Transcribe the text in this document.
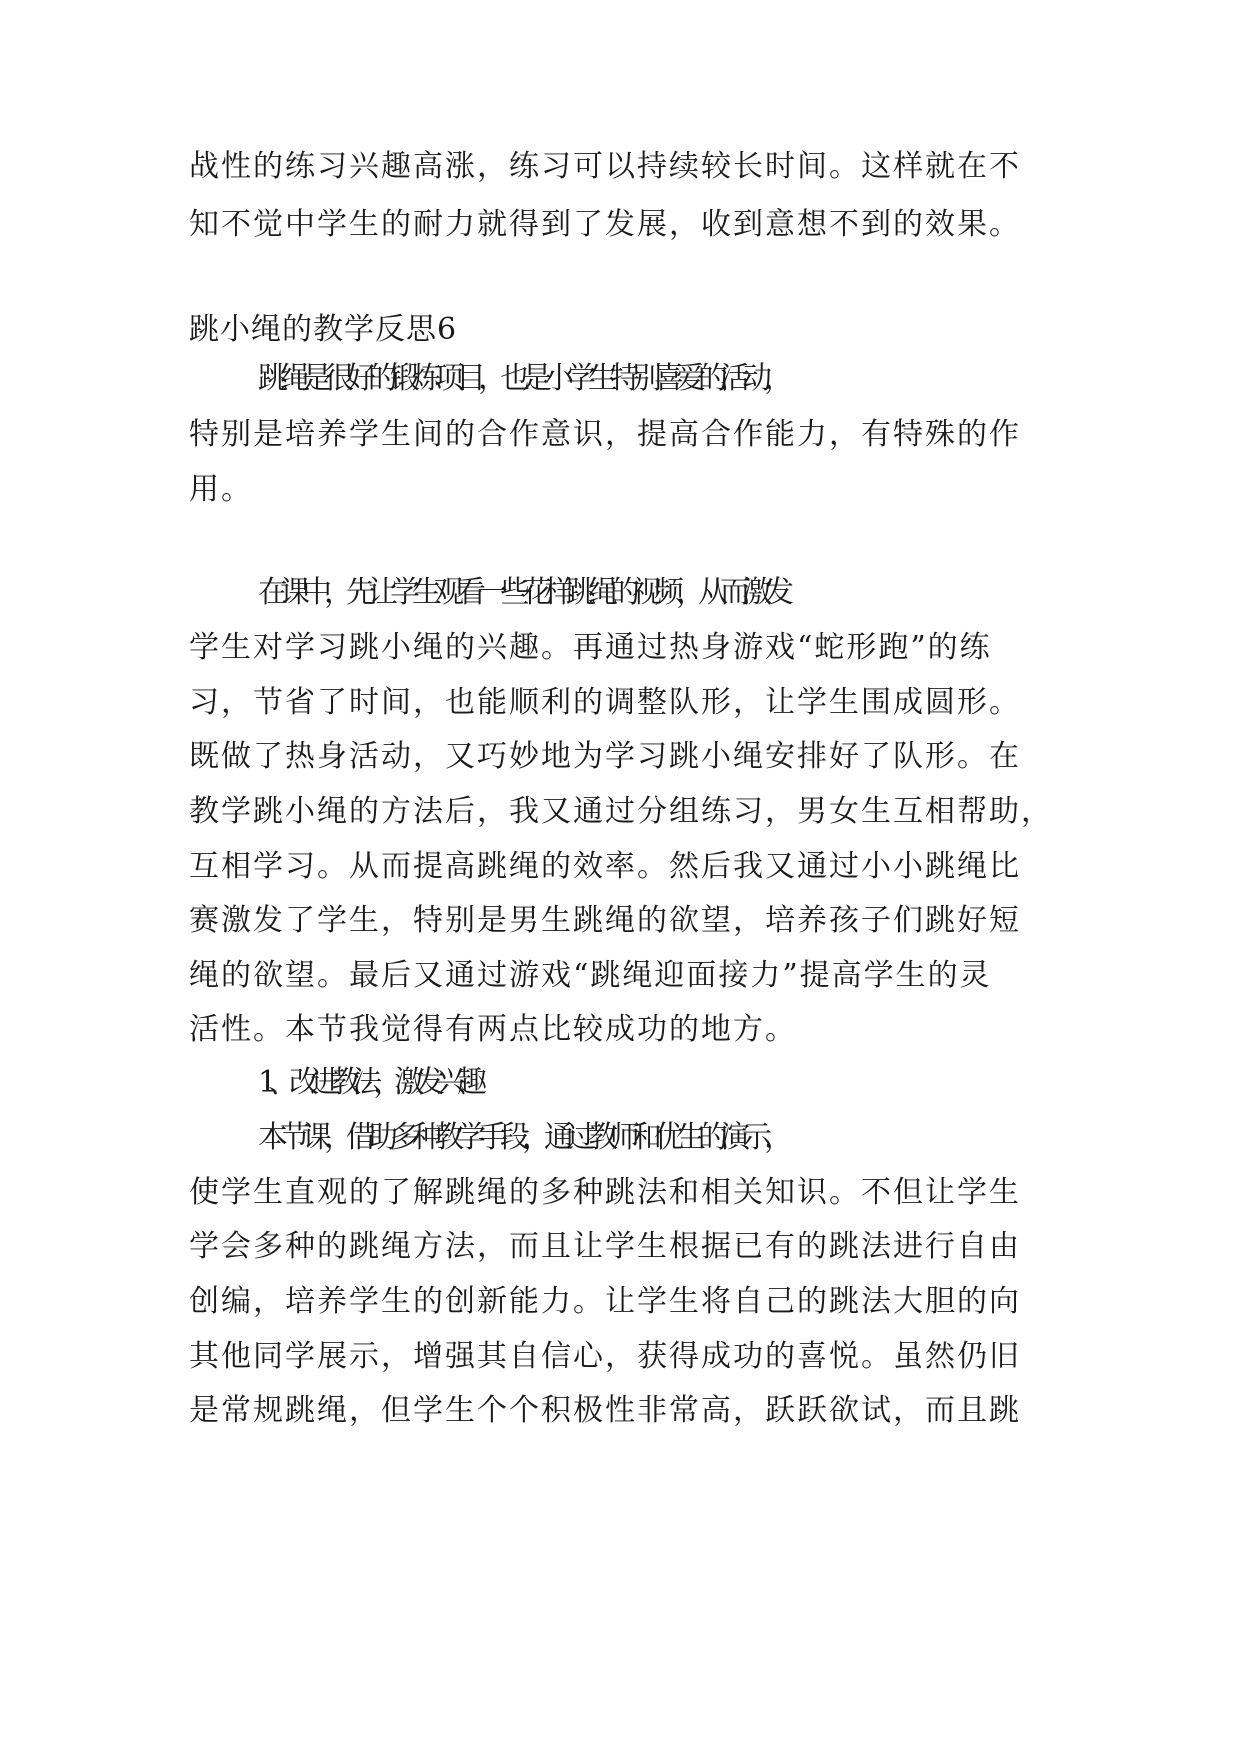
战性的练习兴趣高涨，练习可以持续较长时间。这样就在不
知不觉中学生的耐力就得到了发展，收到意想不到的效果。
跳小绳的教学反思6
跳绳是很好的锻炼项目，也是小学生特别喜爱的活动，
特别是培养学生间的合作意识，提高合作能力，有特殊的作
用。
在课中，先让学生观看一些花样跳绳的视频，从而激发
学生对学习跳小绳的兴趣。再通过热身游戏“蛇形跑”的练
习，节省了时间，也能顺利的调整队形，让学生围成圆形。
既做了热身活动，又巧妙地为学习跳小绳安排好了队形。在
教学跳小绳的方法后，我又通过分组练习，男女生互相帮助，
互相学习。从而提高跳绳的效率。然后我又通过小小跳绳比
赛激发了学生，特别是男生跳绳的欲望，培养孩子们跳好短
绳的欲望。最后又通过游戏“跳绳迎面接力”提高学生的灵
活性。本节我觉得有两点比较成功的地方。
1、改进教法，激发兴趣
本节课，借助多种教学手段，通过教师和优生的演示，
使学生直观的了解跳绳的多种跳法和相关知识。不但让学生
学会多种的跳绳方法，而且让学生根据已有的跳法进行自由
创编，培养学生的创新能力。让学生将自己的跳法大胆的向
其他同学展示，增强其自信心，获得成功的喜悦。虽然仍旧
是常规跳绳，但学生个个积极性非常高，跃跃欲试，而且跳
